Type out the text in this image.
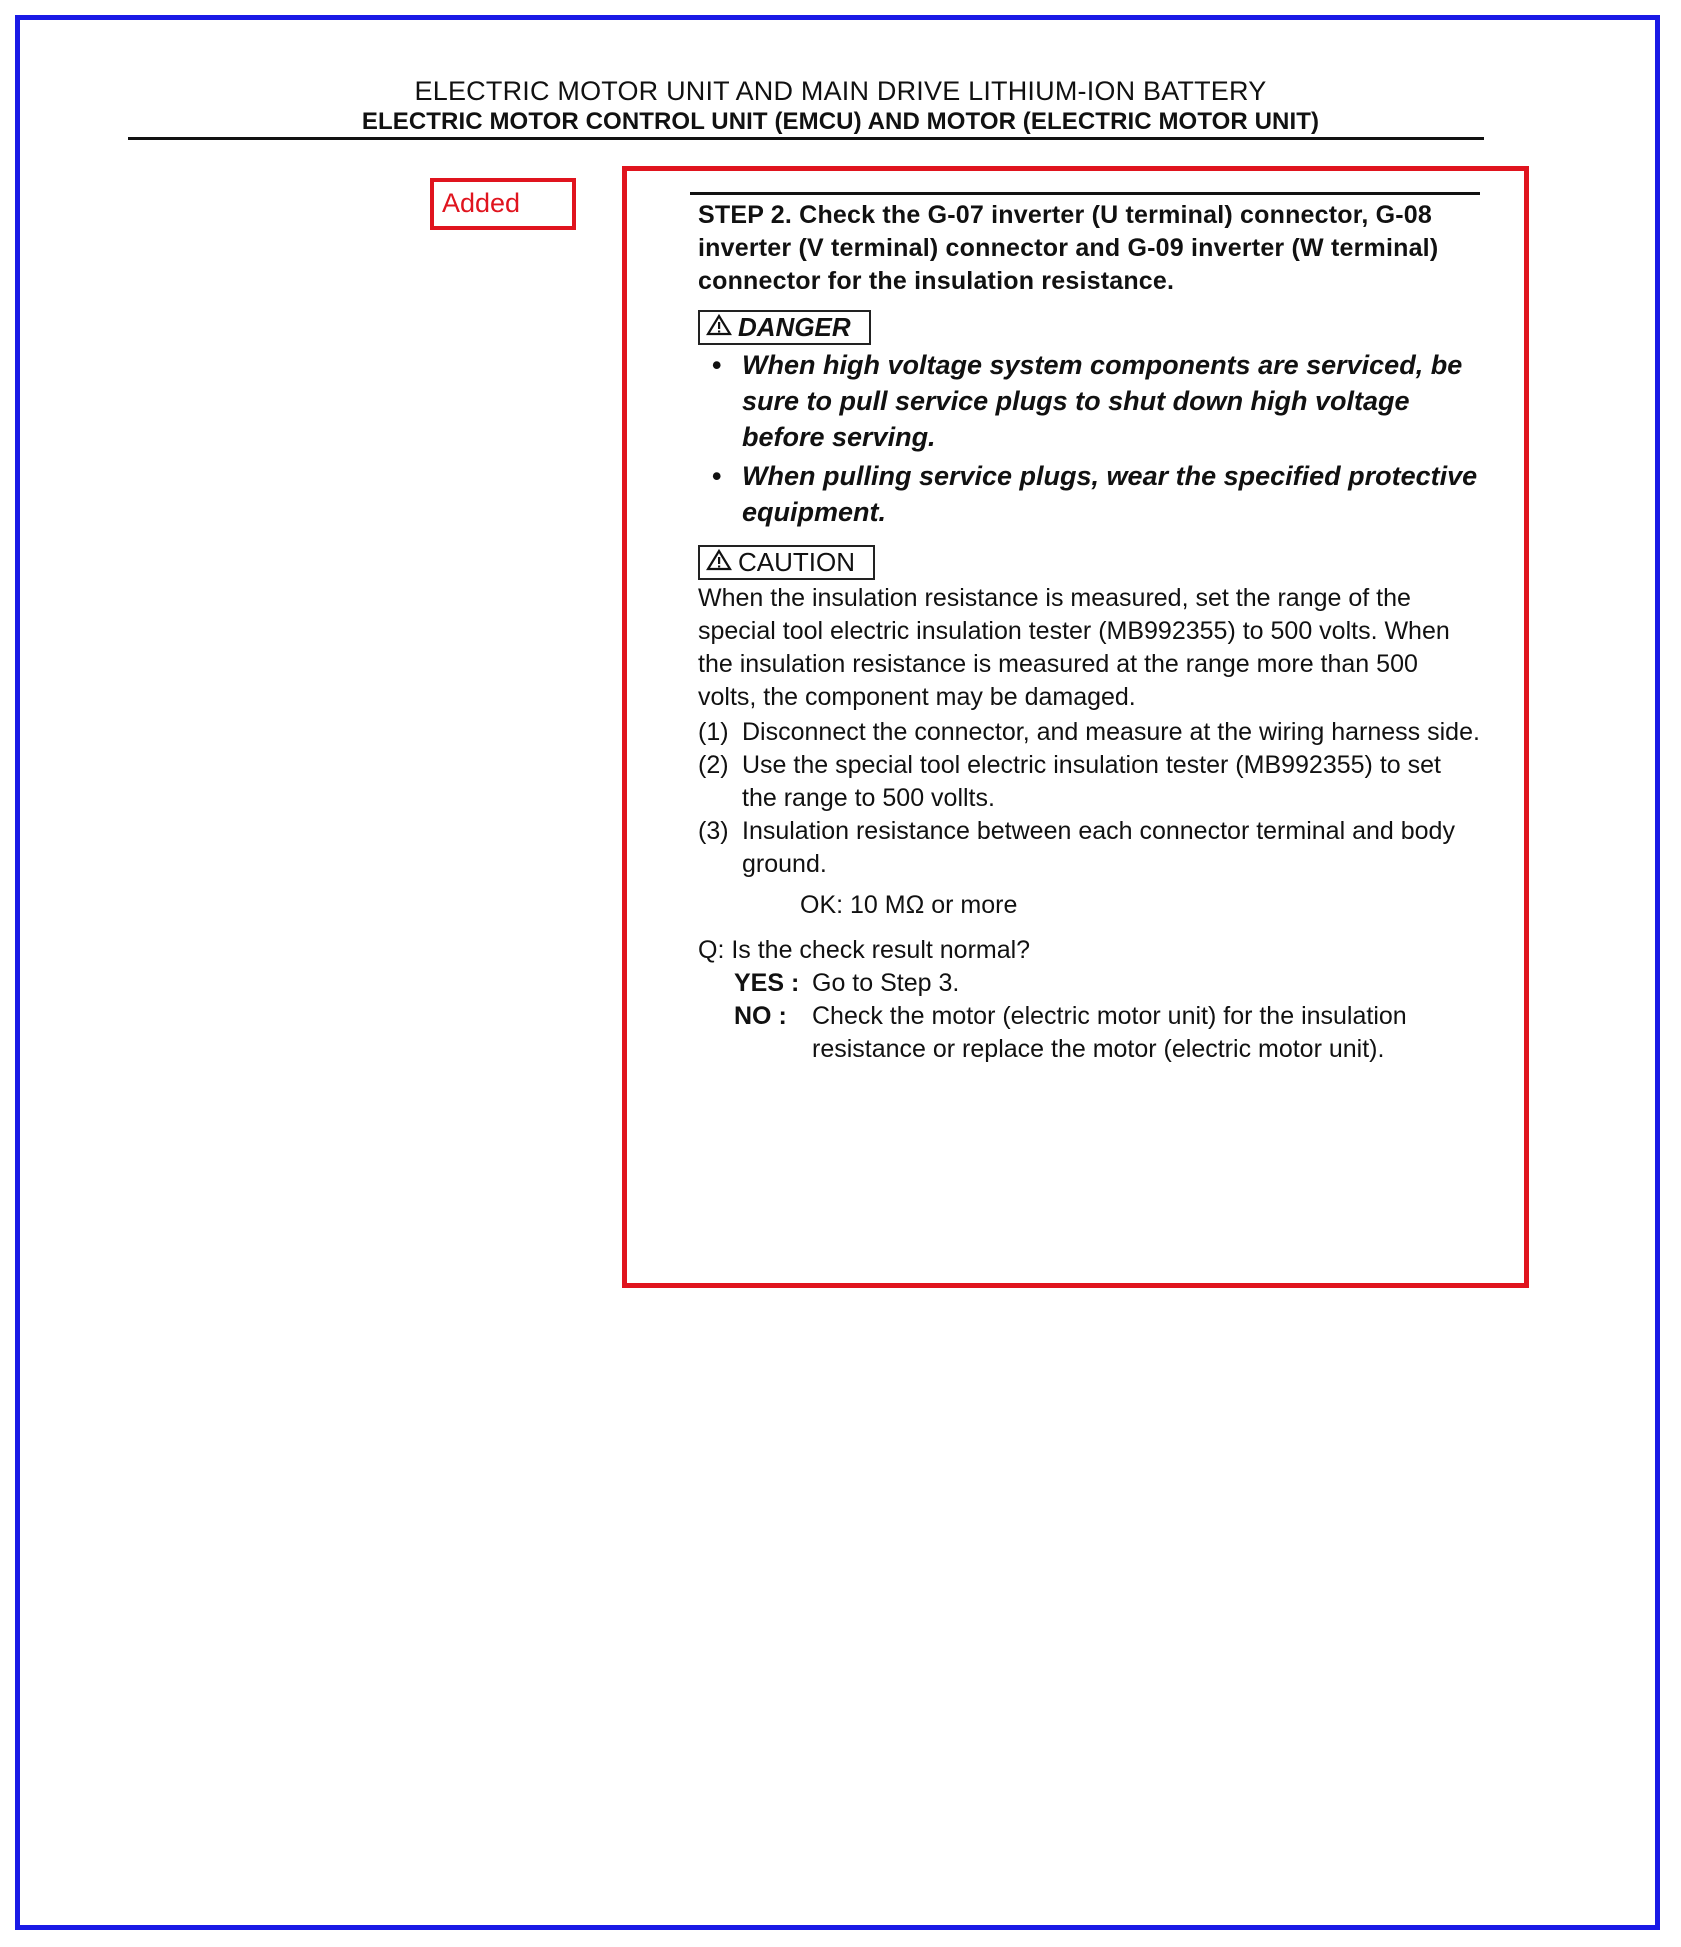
ELECTRIC MOTOR UNIT AND MAIN DRIVE LITHIUM-ION BATTERY
ELECTRIC MOTOR CONTROL UNIT (EMCU) AND MOTOR (ELECTRIC MOTOR UNIT)
Added	STEP 2. Check the G-07 inverter (U terminal) connector, G-08 inverter (V terminal) connector and G-09 inverter (W terminal) connector for the insulation resistance.
DANGER
• When high voltage system components are serviced, be sure to pull service plugs to shut down high voltage before serving.
• When pulling service plugs, wear the specified protective equipment.
CAUTION
When the insulation resistance is measured, set the range of the special tool electric insulation tester (MB992355) to 500 volts. When the insulation resistance is measured at the range more than 500 volts, the component may be damaged.
(1) Disconnect the connector, and measure at the wiring harness side.
(2) Use the special tool electric insulation tester (MB992355) to set the range to 500 vollts.
(3) Insulation resistance between each connector terminal and body ground.
OK: 10 MΩ or more
Q: Is the check result normal?
YES : Go to Step 3.
NO : Check the motor (electric motor unit) for the insulation resistance or replace the motor (electric motor unit).
